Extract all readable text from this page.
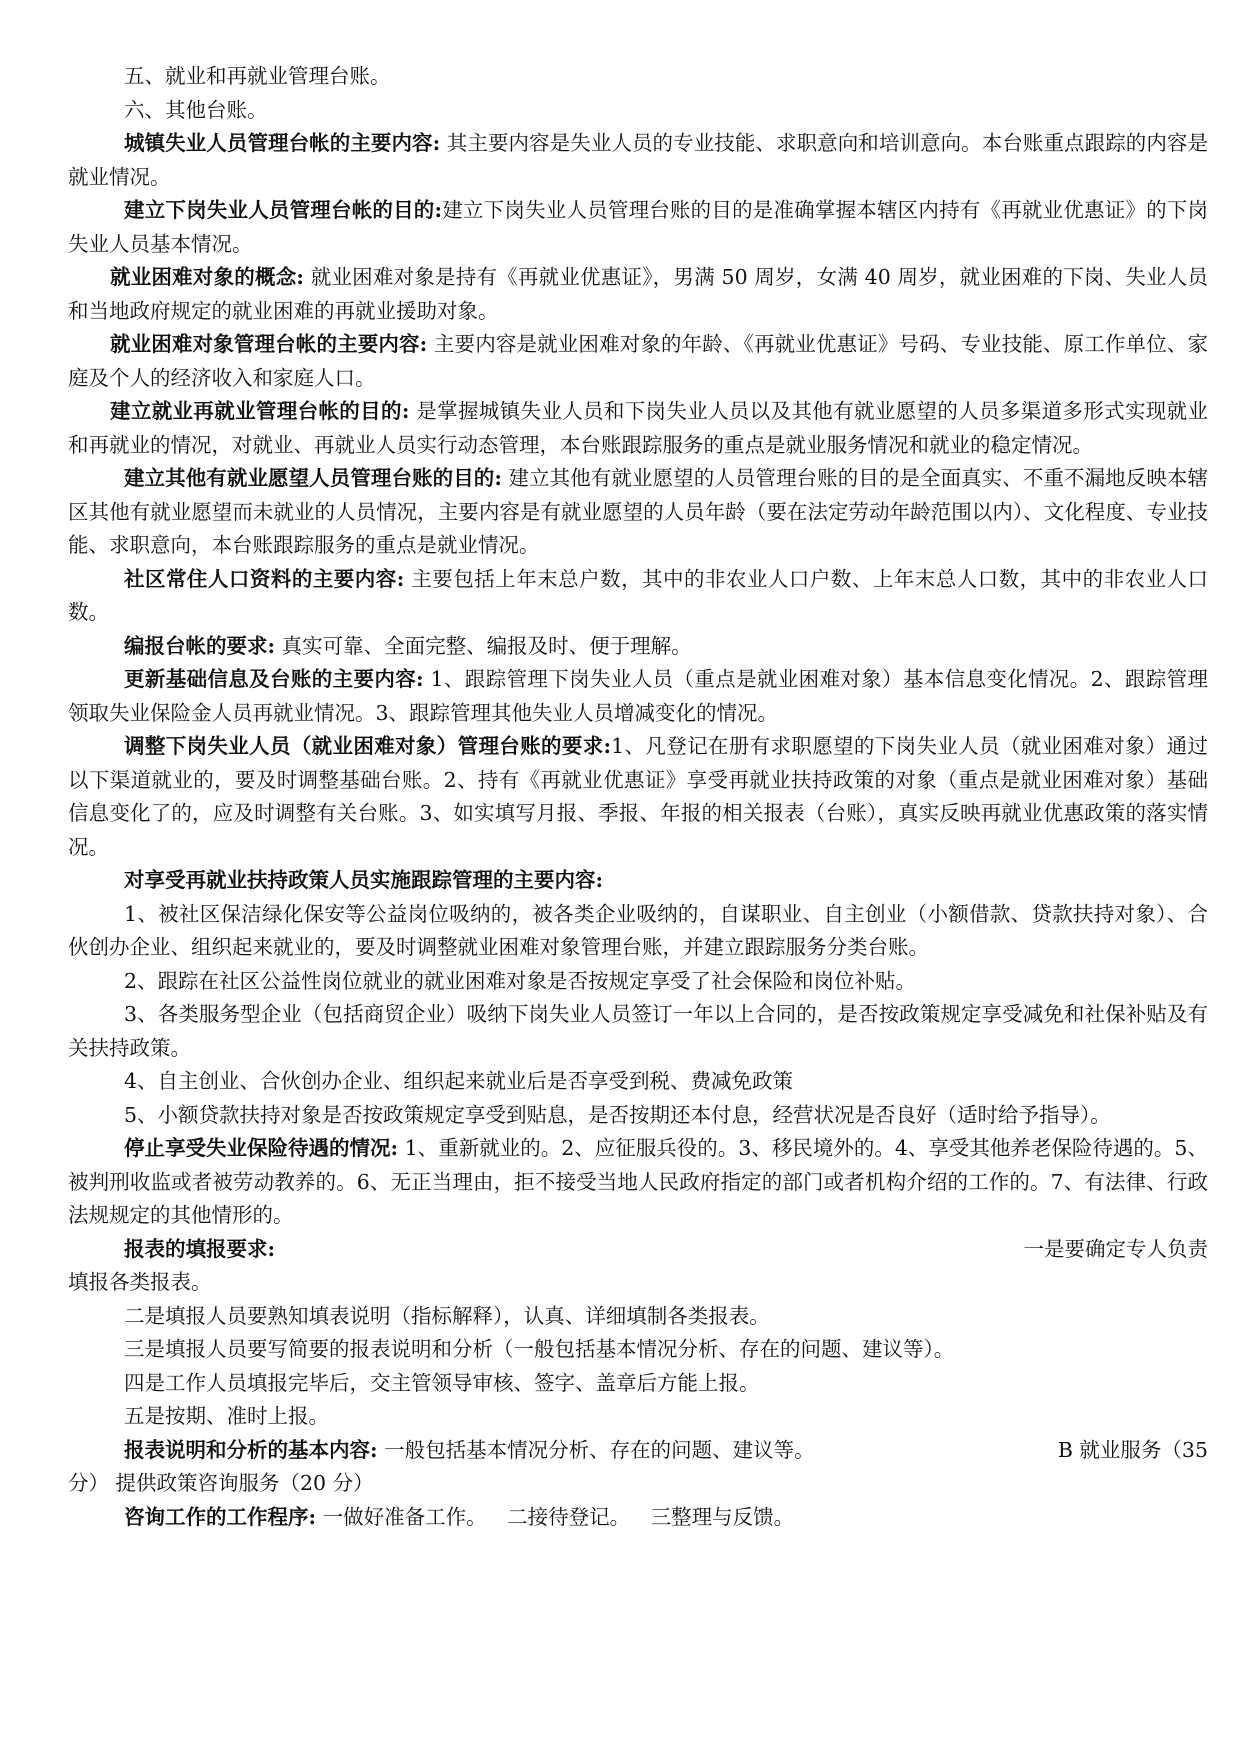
五、就业和再就业管理台账。

六、其他台账。

城镇失业人员管理台帐的主要内容: 其主要内容是失业人员的专业技能、求职意向和培训意向。本台账重点跟踪的内容是就业情况。

建立下岗失业人员管理台帐的目的:建立下岗失业人员管理台账的目的是准确掌握本辖区内持有《再就业优惠证》的下岗失业人员基本情况。

就业困难对象的概念: 就业困难对象是持有《再就业优惠证》，男满 50 周岁，女满 40 周岁，就业困难的下岗、失业人员和当地政府规定的就业困难的再就业援助对象。

就业困难对象管理台帐的主要内容: 主要内容是就业困难对象的年龄、《再就业优惠证》号码、专业技能、原工作单位、家庭及个人的经济收入和家庭人口。

建立就业再就业管理台帐的目的: 是掌握城镇失业人员和下岗失业人员以及其他有就业愿望的人员多渠道多形式实现就业和再就业的情况，对就业、再就业人员实行动态管理，本台账跟踪服务的重点是就业服务情况和就业的稳定情况。

建立其他有就业愿望人员管理台账的目的: 建立其他有就业愿望的人员管理台账的目的是全面真实、不重不漏地反映本辖区其他有就业愿望而未就业的人员情况，主要内容是有就业愿望的人员年龄（要在法定劳动年龄范围以内）、文化程度、专业技能、求职意向，本台账跟踪服务的重点是就业情况。

社区常住人口资料的主要内容: 主要包括上年末总户数，其中的非农业人口户数、上年末总人口数，其中的非农业人口数。

编报台帐的要求: 真实可靠、全面完整、编报及时、便于理解。

更新基础信息及台账的主要内容: 1、跟踪管理下岗失业人员（重点是就业困难对象）基本信息变化情况。2、跟踪管理领取失业保险金人员再就业情况。3、跟踪管理其他失业人员增减变化的情况。

调整下岗失业人员（就业困难对象）管理台账的要求:1、凡登记在册有求职愿望的下岗失业人员（就业困难对象）通过以下渠道就业的，要及时调整基础台账。2、持有《再就业优惠证》享受再就业扶持政策的对象（重点是就业困难对象）基础信息变化了的，应及时调整有关台账。3、如实填写月报、季报、年报的相关报表（台账），真实反映再就业优惠政策的落实情况。

对享受再就业扶持政策人员实施跟踪管理的主要内容:

1、被社区保洁绿化保安等公益岗位吸纳的，被各类企业吸纳的，自谋职业、自主创业（小额借款、贷款扶持对象）、合伙创办企业、组织起来就业的，要及时调整就业困难对象管理台账，并建立跟踪服务分类台账。

2、跟踪在社区公益性岗位就业的就业困难对象是否按规定享受了社会保险和岗位补贴。

3、各类服务型企业（包括商贸企业）吸纳下岗失业人员签订一年以上合同的，是否按政策规定享受减免和社保补贴及有关扶持政策。

4、自主创业、合伙创办企业、组织起来就业后是否享受到税、费减免政策

5、小额贷款扶持对象是否按政策规定享受到贴息，是否按期还本付息，经营状况是否良好（适时给予指导）。

停止享受失业保险待遇的情况: 1、重新就业的。2、应征服兵役的。3、移民境外的。4、享受其他养老保险待遇的。5、被判刑收监或者被劳动教养的。6、无正当理由，拒不接受当地人民政府指定的部门或者机构介绍的工作的。7、有法律、行政法规规定的其他情形的。

报表的填报要求:	一是要确定专人负责

填报各类报表。

二是填报人员要熟知填表说明（指标解释），认真、详细填制各类报表。

三是填报人员要写简要的报表说明和分析（一般包括基本情况分析、存在的问题、建议等）。

四是工作人员填报完毕后，交主管领导审核、签字、盖章后方能上报。

五是按期、准时上报。

报表说明和分析的基本内容: 一般包括基本情况分析、存在的问题、建议等。	B 就业服务（35

分） 提供政策咨询服务（20 分）

咨询工作的工作程序: 一做好准备工作。 二接待登记。 三整理与反馈。
